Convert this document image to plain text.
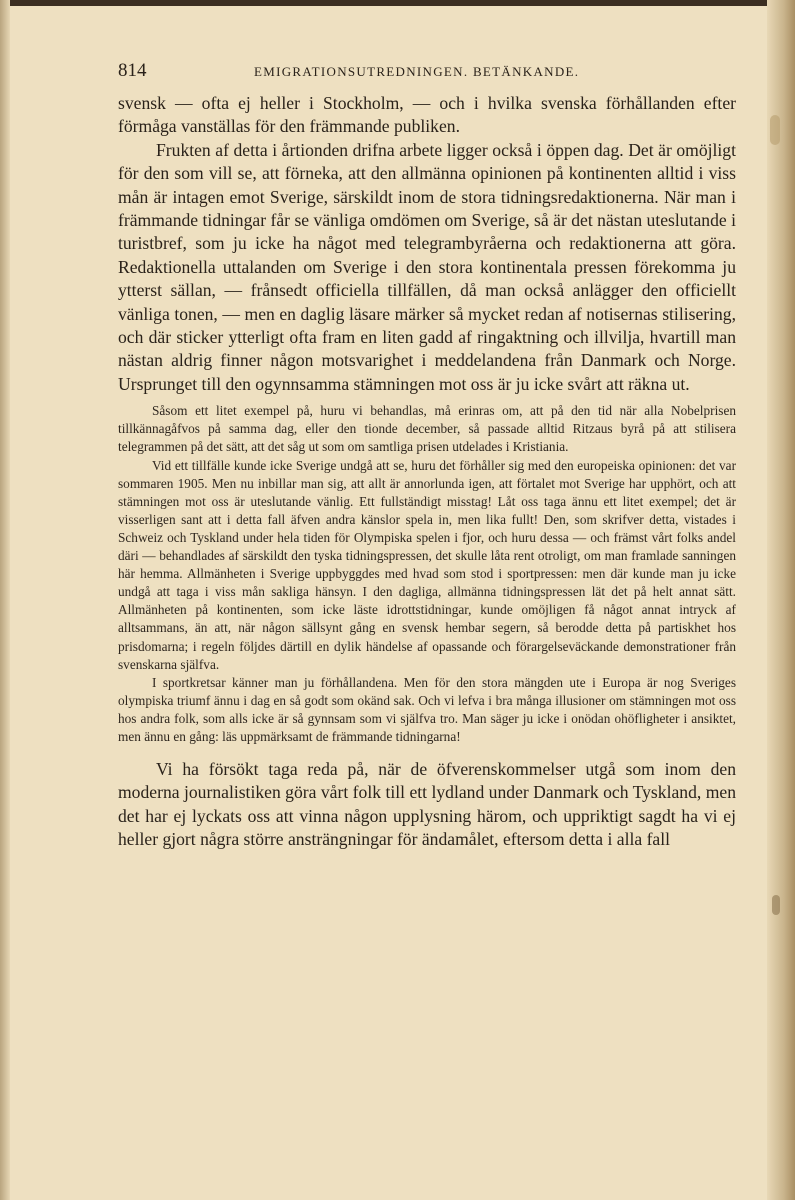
814	EMIGRATIONSUTREDNINGEN. BETÄNKANDE.

svensk — ofta ej heller i Stockholm, — och i hvilka svenska förhållanden efter förmåga vanställas för den främmande publiken.

Frukten af detta i årtionden drifna arbete ligger också i öppen dag. Det är omöjligt för den som vill se, att förneka, att den allmänna opinionen på kontinenten alltid i viss mån är intagen emot Sverige, särskildt inom de stora tidningsredaktionerna. När man i främmande tidningar får se vänliga omdömen om Sverige, så är det nästan uteslutande i turistbref, som ju icke ha något med telegrambyråerna och redaktionerna att göra. Redaktionella uttalanden om Sverige i den stora kontinentala pressen förekomma ju ytterst sällan, — frånsedt officiella tillfällen, då man också anlägger den officiellt vänliga tonen, — men en daglig läsare märker så mycket redan af notisernas stilisering, och där sticker ytterligt ofta fram en liten gadd af ringaktning och illvilja, hvartill man nästan aldrig finner någon motsvarighet i meddelandena från Danmark och Norge. Ursprunget till den ogynnsamma stämningen mot oss är ju icke svårt att räkna ut.

Såsom ett litet exempel på, huru vi behandlas, må erinras om, att på den tid när alla Nobelprisen tillkännagåfvos på samma dag, eller den tionde december, så passade alltid Ritzaus byrå på att stilisera telegrammen på det sätt, att det såg ut som om samtliga prisen utdelades i Kristiania.

Vid ett tillfälle kunde icke Sverige undgå att se, huru det förhåller sig med den europeiska opinionen: det var sommaren 1905. Men nu inbillar man sig, att allt är annorlunda igen, att förtalet mot Sverige har upphört, och att stämningen mot oss är uteslutande vänlig. Ett fullständigt misstag! Låt oss taga ännu ett litet exempel; det är visserligen sant att i detta fall äfven andra känslor spela in, men lika fullt! Den, som skrifver detta, vistades i Schweiz och Tyskland under hela tiden för Olympiska spelen i fjor, och huru dessa — och främst vårt folks andel däri — behandlades af särskildt den tyska tidningspressen, det skulle låta rent otroligt, om man framlade sanningen här hemma. Allmänheten i Sverige uppbyggdes med hvad som stod i sportpressen: men där kunde man ju icke undgå att taga i viss mån sakliga hänsyn. I den dagliga, allmänna tidningspressen lät det på helt annat sätt. Allmänheten på kontinenten, som icke läste idrottstidningar, kunde omöjligen få något annat intryck af alltsammans, än att, när någon sällsynt gång en svensk hembar segern, så berodde detta på partiskhet hos prisdomarna; i regeln följdes därtill en dylik händelse af opassande och förargelseväckande demonstrationer från svenskarna själfva.

I sportkretsar känner man ju förhållandena. Men för den stora mängden ute i Europa är nog Sveriges olympiska triumf ännu i dag en så godt som okänd sak. Och vi lefva i bra många illusioner om stämningen mot oss hos andra folk, som alls icke är så gynnsam som vi själfva tro. Man säger ju icke i onödan ohöfligheter i ansiktet, men ännu en gång: läs uppmärksamt de främmande tidningarna!

Vi ha försökt taga reda på, när de öfverenskommelser utgå som inom den moderna journalistiken göra vårt folk till ett lydland under Danmark och Tyskland, men det har ej lyckats oss att vinna någon upplysning härom, och uppriktigt sagdt ha vi ej heller gjort några större ansträngningar för ändamålet, eftersom detta i alla fall
